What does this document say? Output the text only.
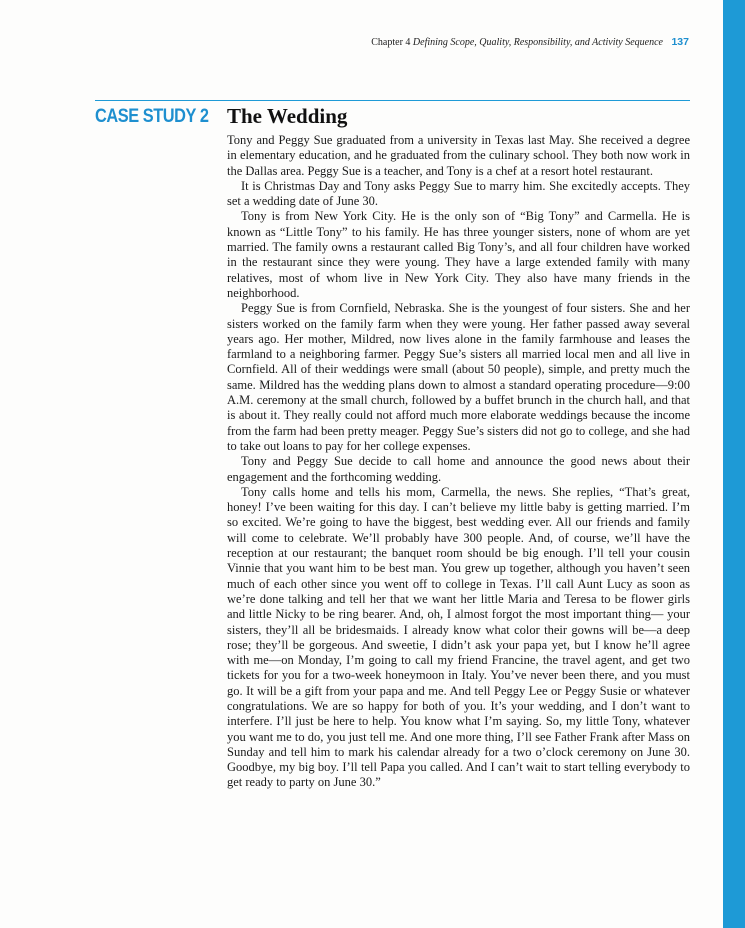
Chapter 4 Defining Scope, Quality, Responsibility, and Activity Sequence 137
CASE STUDY 2 The Wedding

Tony and Peggy Sue graduated from a university in Texas last May. She received a degree in elementary education, and he graduated from the culinary school. They both now work in the Dallas area. Peggy Sue is a teacher, and Tony is a chef at a resort hotel restaurant.

It is Christmas Day and Tony asks Peggy Sue to marry him. She excitedly accepts. They set a wedding date of June 30.

Tony is from New York City. He is the only son of “Big Tony” and Carmella. He is known as “Little Tony” to his family. He has three younger sisters, none of whom are yet married. The family owns a restaurant called Big Tony’s, and all four children have worked in the restaurant since they were young. They have a large extended family with many relatives, most of whom live in New York City. They also have many friends in the neighborhood.

Peggy Sue is from Cornfield, Nebraska. She is the youngest of four sisters. She and her sisters worked on the family farm when they were young. Her father passed away several years ago. Her mother, Mildred, now lives alone in the family farmhouse and leases the farmland to a neighboring farmer. Peggy Sue’s sisters all married local men and all live in Cornfield. All of their weddings were small (about 50 people), simple, and pretty much the same. Mildred has the wedding plans down to almost a standard operating procedure—9:00 A.M. ceremony at the small church, followed by a buffet brunch in the church hall, and that is about it. They really could not afford much more elaborate weddings because the income from the farm had been pretty meager. Peggy Sue’s sisters did not go to college, and she had to take out loans to pay for her college expenses.

Tony and Peggy Sue decide to call home and announce the good news about their engagement and the forthcoming wedding.

Tony calls home and tells his mom, Carmella, the news. She replies, “That’s great, honey! I’ve been waiting for this day. I can’t believe my little baby is getting married. I’m so excited. We’re going to have the biggest, best wedding ever. All our friends and family will come to celebrate. We’ll probably have 300 people. And, of course, we’ll have the reception at our restaurant; the banquet room should be big enough. I’ll tell your cousin Vinnie that you want him to be best man. You grew up together, although you haven’t seen much of each other since you went off to college in Texas. I’ll call Aunt Lucy as soon as we’re done talking and tell her that we want her little Maria and Teresa to be flower girls and little Nicky to be ring bearer. And, oh, I almost forgot the most important thing— your sisters, they’ll all be bridesmaids. I already know what color their gowns will be—a deep rose; they’ll be gorgeous. And sweetie, I didn’t ask your papa yet, but I know he’ll agree with me—on Monday, I’m going to call my friend Francine, the travel agent, and get two tickets for you for a two-week honeymoon in Italy. You’ve never been there, and you must go. It will be a gift from your papa and me. And tell Peggy Lee or Peggy Susie or whatever congratulations. We are so happy for both of you. It’s your wedding, and I don’t want to interfere. I’ll just be here to help. You know what I’m saying. So, my little Tony, whatever you want me to do, you just tell me. And one more thing, I’ll see Father Frank after Mass on Sunday and tell him to mark his calendar already for a two o’clock ceremony on June 30. Goodbye, my big boy. I’ll tell Papa you called. And I can’t wait to start telling everybody to get ready to party on June 30.”
